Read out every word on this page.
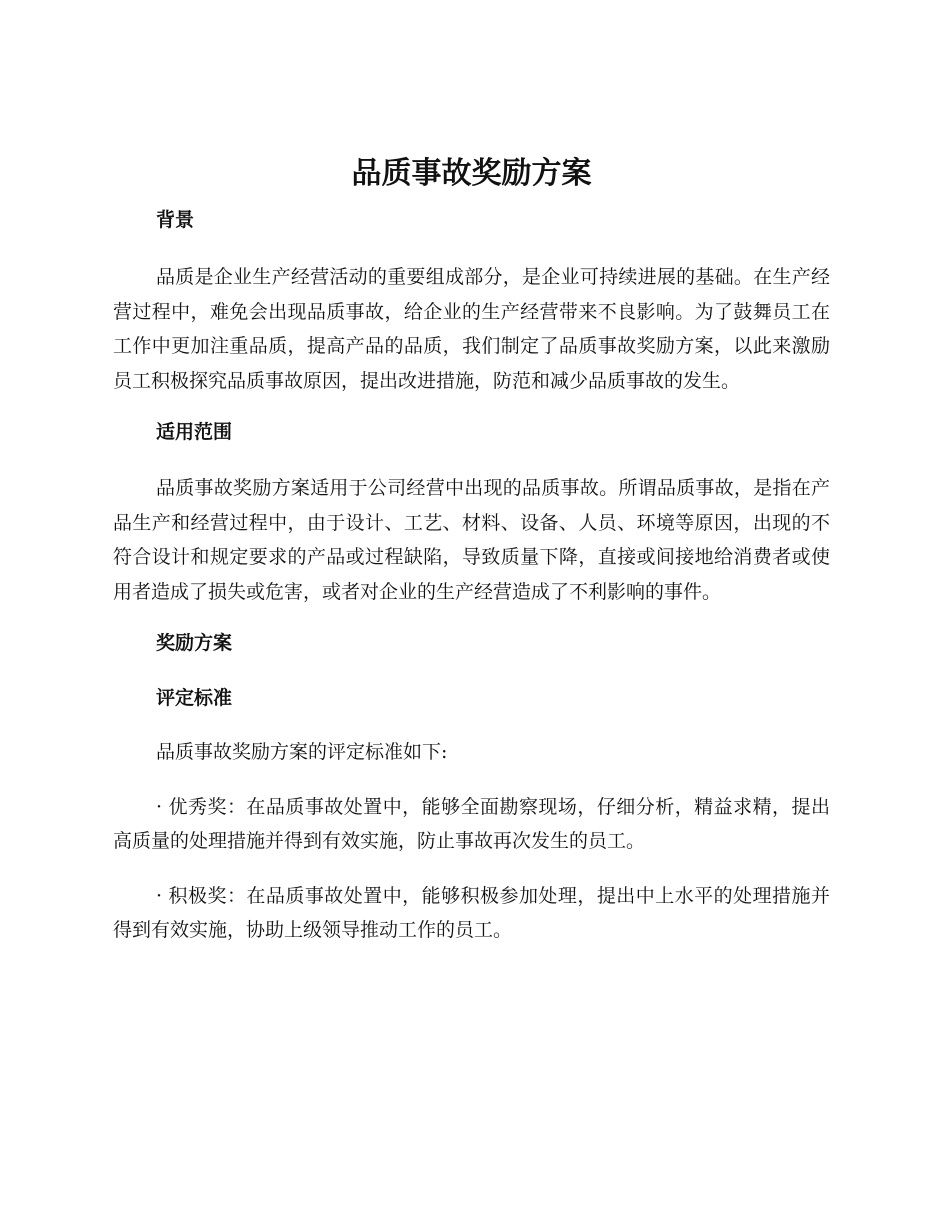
品质事故奖励方案
背景

品质是企业生产经营活动的重要组成部分，是企业可持续进展的基础。在生产经营过程中，难免会出现品质事故，给企业的生产经营带来不良影响。为了鼓舞员工在工作中更加注重品质，提高产品的品质，我们制定了品质事故奖励方案，以此来激励员工积极探究品质事故原因，提出改进措施，防范和减少品质事故的发生。

适用范围

品质事故奖励方案适用于公司经营中出现的品质事故。所谓品质事故，是指在产品生产和经营过程中，由于设计、工艺、材料、设备、人员、环境等原因，出现的不符合设计和规定要求的产品或过程缺陷，导致质量下降，直接或间接地给消费者或使用者造成了损失或危害，或者对企业的生产经营造成了不利影响的事件。

奖励方案
评定标准

品质事故奖励方案的评定标准如下:

· 优秀奖：在品质事故处置中，能够全面勘察现场，仔细分析，精益求精，提出高质量的处理措施并得到有效实施，防止事故再次发生的员工。

· 积极奖：在品质事故处置中，能够积极参加处理，提出中上水平的处理措施并得到有效实施，协助上级领导推动工作的员工。
